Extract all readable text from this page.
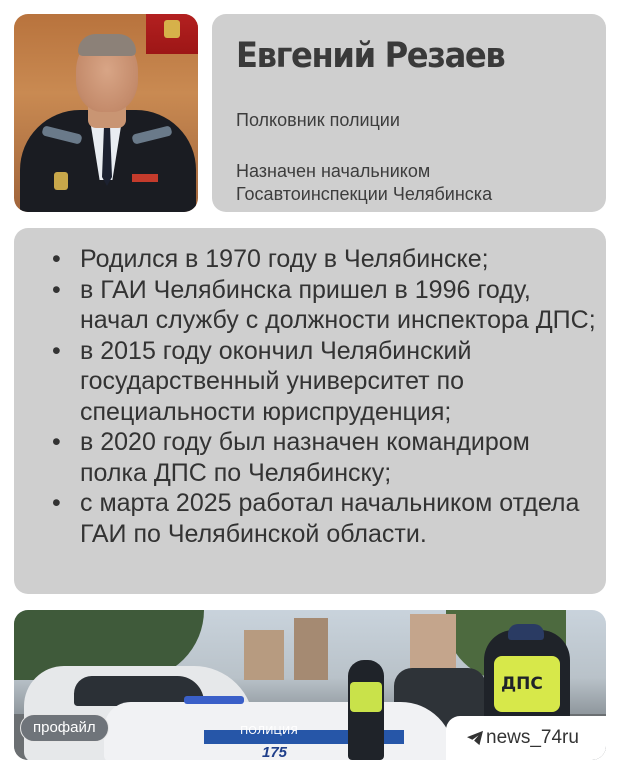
Евгений Резаев
Полковник полиции
Назначен начальником
Госавтоинспекции Челябинска
• Родился в 1970 году в Челябинске;
• в ГАИ Челябинска пришел в 1996 году, начал службу с должности инспектора ДПС;
• в 2015 году окончил Челябинский государственный университет по специальности юриспруденция;
• в 2020 году был назначен командиром полка ДПС по Челябинску;
• с марта 2025 работал начальником отдела ГАИ по Челябинской области.
ПОЛИЦИЯ
175
ДПС
профайл	news_74ru
